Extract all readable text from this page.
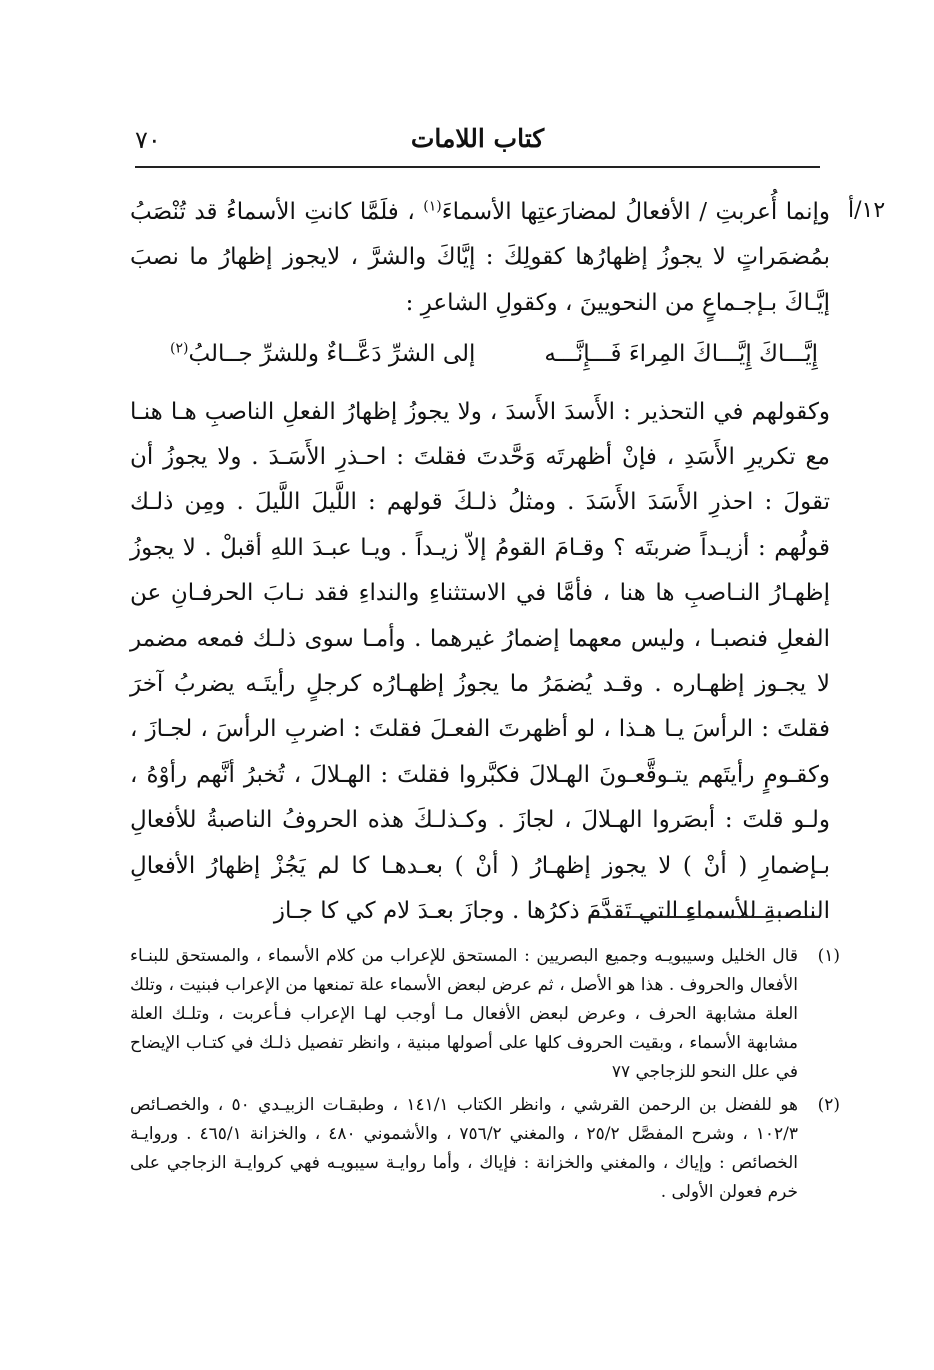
٧٠	كتاب اللامات
١٢/أ

وإنما أُعربتِ / الأفعالُ لمضارَعتِها الأسماءَ$^{(١)}$ ، فلَمَّا كانتِ الأسماءُ قد تُنْصَبُ بمُضمَراتٍ لا يجوزُ إظهارُها كقولِكَ : إيَّاكَ والشرَّ ، لايجوز إظهارُ ما نصبَ إيَّـاكَ بـإجـماعٍ من النحويينَ ، وكقولِ الشاعرِ :

إِيَّـــاكَ إِيَّـــاكَ المِراءَ فَـــإِنَّـــه
إلى الشرِّ دَعَّــاءٌ وللشرِّ جــالبُ$^{(٢)}$

وكقولهم في التحذير : الأَسدَ الأَسدَ ، ولا يجوزُ إظهارُ الفعلِ الناصبِ هـا هنـا مع تكريرِ الأَسَدِ ، فإنْ أظهرتَه وَحَّدتَ فقلتَ : احـذرِ الأَسَـدَ . ولا يجوزُ أن تقولَ : احذرِ الأَسَدَ الأَسَدَ . ومثلُ ذلـكَ قولهم : اللَّيلَ اللَّيلَ . ومِن ذلـك قولُهم : أزيـداً ضربتَه ؟ وقـامَ القومُ إلاّ زيـداً . ويـا عبـدَ اللهِ أقبلْ . لا يجوزُ إظهـارُ النـاصبِ ها هنا ، فأمَّا في الاستثناءِ والنداءِ فقد نـابَ الحرفـانِ عن الفعلِ فنصبـا ، وليس معهما إضمارُ غيرهما . وأمـا سوى ذلـك فمعه مضمر لا يجـوز إظهـاره . وقـد يُضمَرُ ما يجوزُ إظهـارُه كرجلٍ رأيتَـه يضربُ آخرَ فقلتَ : الرأسَ يـا هـذا ، لو أظهرتَ الفعـلَ فقلتَ : اضربِ الرأسَ ، لجـازَ ، وكقـومٍ رأيتَهم يتـوقَّعـونَ الهـلالَ فكبَّروا فقلتَ : الهـلالَ ، تُخبرُ أنَّهم رأوْهُ ، ولـو قلتَ : أبصَروا الهـلالَ ، لجازَ . وكـذلـكَ هذه الحروفُ الناصبةُ للأفعالِ بـإضمارِ ( أنْ ) لا يجوز إظهـارُ ( أنْ ) بعـدهـا كا لم يَجُزْ إظهارُ الأفعالِ الناصبةِ للأسماءِ التي تَقدَّمَ ذكرُها . وجازَ بعـدَ لام كي كا جـاز

(١)
قال الخليل وسيبويـه وجميع البصريين : المستحق للإعراب من كلام الأسماء ، والمستحق للبنـاء الأفعال والحروف . هذا هو الأصل ، ثم عرض لبعض الأسماء علة تمنعها من الإعراب فبنيت ، وتلك العلة مشابهة الحرف ، وعرض لبعض الأفعال مـا أوجب لهـا الإعراب فـأعربت ، وتلـك العلة مشابهة الأسماء ، وبقيت الحروف كلها على أصولها مبنية ، وانظر تفصيل ذلـك في كتـاب الإيضاح في علل النحو للزجاجي ٧٧
(٢)
هو للفضل بن الرحمن القرشي ، وانظر الكتاب ١٤١/١ ، وطبقـات الزبيـدي ٥٠ ، والخصـائص ١٠٢/٣ ، وشرح المفصَّل ٢٥/٢ ، والمغني ٧٥٦/٢ ، والأشموني ٤٨٠ ، والخزانة ٤٦٥/١ . وروايـة الخصائص : وإياك ، والمغني والخزانة : فإياك ، وأما روايـة سيبويـه فهي كروايـة الزجاجي على خرم فعولن الأولى .
